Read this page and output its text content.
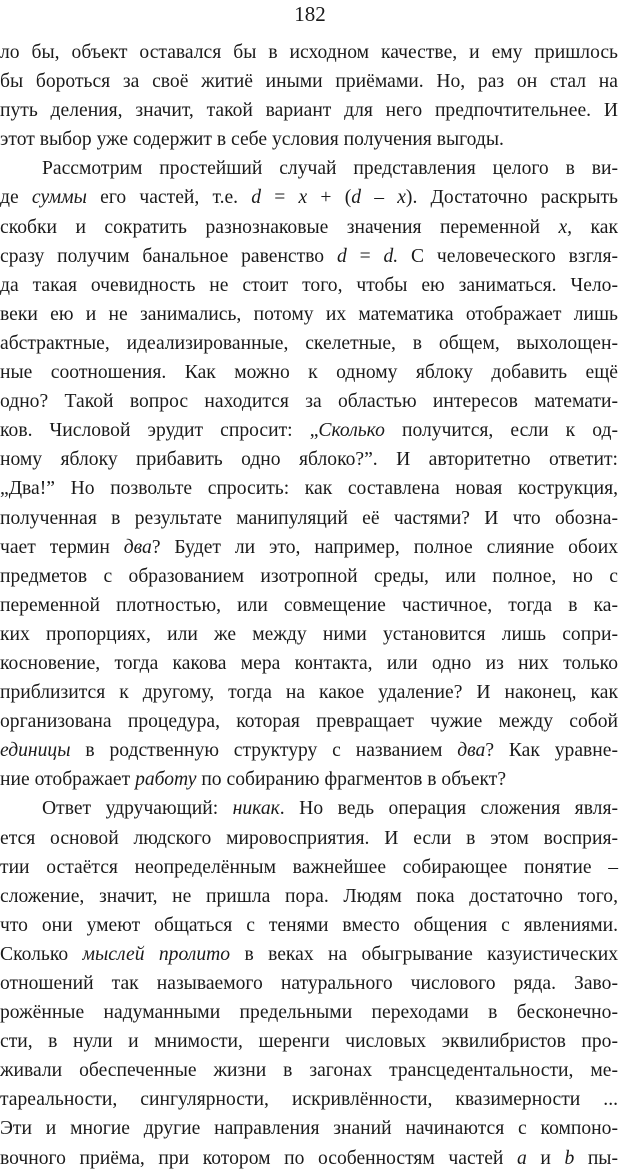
182
ло бы, объект оставался бы в исходном качестве, и ему пришлось
бы бороться за своё житиё иными приёмами. Но, раз он стал на
путь деления, значит, такой вариант для него предпочтительнее. И
этот выбор уже содержит в себе условия получения выгоды.
Рассмотрим простейший случай представления целого в ви-
де суммы его частей, т.е. d = x + (d – x). Достаточно раскрыть
скобки и сократить разнознаковые значения переменной x, как
сразу получим банальное равенство d = d. С человеческого взгля-
да такая очевидность не стоит того, чтобы ею заниматься. Чело-
веки ею и не занимались, потому их математика отображает лишь
абстрактные, идеализированные, скелетные, в общем, выхолощен-
ные соотношения. Как можно к одному яблоку добавить ещё
одно? Такой вопрос находится за областью интересов математи-
ков. Числовой эрудит спросит: „Сколько получится, если к од-
ному яблоку прибавить одно яблоко?”. И авторитетно ответит:
„Два!” Но позвольте спросить: как составлена новая кострукция,
полученная в результате манипуляций её частями? И что обозна-
чает термин два? Будет ли это, например, полное слияние обоих
предметов с образованием изотропной среды, или полное, но с
переменной плотностью, или совмещение частичное, тогда в ка-
ких пропорциях, или же между ними установится лишь сопри-
косновение, тогда какова мера контакта, или одно из них только
приблизится к другому, тогда на какое удаление? И наконец, как
организована процедура, которая превращает чужие между собой
единицы в родственную структуру с названием два? Как уравне-
ние отображает работу по собиранию фрагментов в объект?
Ответ удручающий: никак. Но ведь операция сложения явля-
ется основой людского мировосприятия. И если в этом восприя-
тии остаётся неопределённым важнейшее собирающее понятие –
сложение, значит, не пришла пора. Людям пока достаточно того,
что они умеют общаться с тенями вместо общения с явлениями.
Сколько мыслей пролито в веках на обыгрывание казуистических
отношений так называемого натурального числового ряда. Заво-
рожённые надуманными предельными переходами в бесконечно-
сти, в нули и мнимости, шеренги числовых эквилибристов про-
живали обеспеченные жизни в загонах трансцедентальности, ме-
тареальности, сингулярности, искривлённости, квазимерности ...
Эти и многие другие направления знаний начинаются с компоно-
вочного приёма, при котором по особенностям частей a и b пы-
